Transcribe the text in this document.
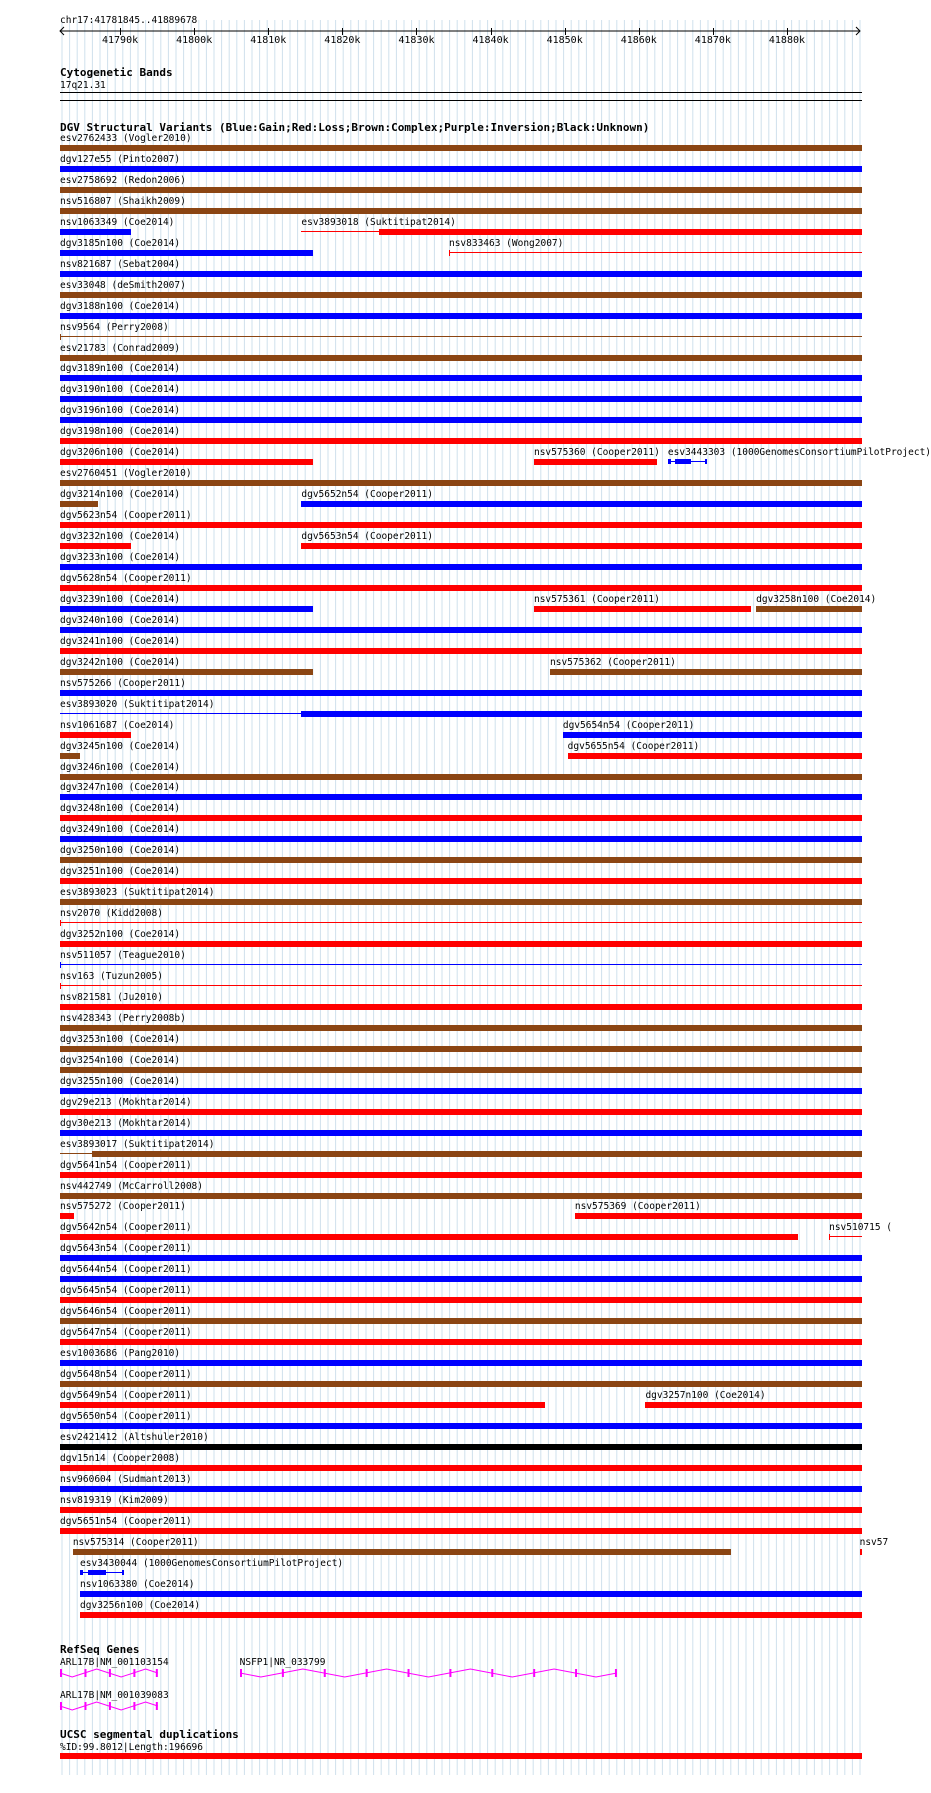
chr17:41781845..41889678
41790k	41800k	41810k	41820k	41830k	41840k	41850k	41860k	41870k	41880k
Cytogenetic Bands
17q21.31
DGV Structural Variants (Blue:Gain;Red:Loss;Brown:Complex;Purple:Inversion;Black:Unknown)
esv2762433 (Vogler2010)
dgv127e55 (Pinto2007)
esv2758692 (Redon2006)
nsv516807 (Shaikh2009)
nsv1063349 (Coe2014)	esv3893018 (Suktitipat2014)
dgv3185n100 (Coe2014)	nsv833463 (Wong2007)
nsv821687 (Sebat2004)
esv33048 (deSmith2007)
dgv3188n100 (Coe2014)
nsv9564 (Perry2008)
esv21783 (Conrad2009)
dgv3189n100 (Coe2014)
dgv3190n100 (Coe2014)
dgv3196n100 (Coe2014)
dgv3198n100 (Coe2014)
dgv3206n100 (Coe2014)	nsv575360 (Cooper2011) esv3443303 (1000GenomesConsortiumPilotProject)
esv2760451 (Vogler2010)
dgv3214n100 (Coe2014)	dgv5652n54 (Cooper2011)
dgv5623n54 (Cooper2011)
dgv3232n100 (Coe2014)	dgv5653n54 (Cooper2011)
dgv3233n100 (Coe2014)
dgv5628n54 (Cooper2011)
dgv3239n100 (Coe2014)	nsv575361 (Cooper2011)	dgv3258n100 (Coe2014)
dgv3240n100 (Coe2014)
dgv3241n100 (Coe2014)
dgv3242n100 (Coe2014)	nsv575362 (Cooper2011)
nsv575266 (Cooper2011)
esv3893020 (Suktitipat2014)
nsv1061687 (Coe2014)	dgv5654n54 (Cooper2011)
dgv3245n100 (Coe2014)	dgv5655n54 (Cooper2011)
dgv3246n100 (Coe2014)
dgv3247n100 (Coe2014)
dgv3248n100 (Coe2014)
dgv3249n100 (Coe2014)
dgv3250n100 (Coe2014)
dgv3251n100 (Coe2014)
esv3893023 (Suktitipat2014)
nsv2070 (Kidd2008)
dgv3252n100 (Coe2014)
nsv511057 (Teague2010)
nsv163 (Tuzun2005)
nsv821581 (Ju2010)
nsv428343 (Perry2008b)
dgv3253n100 (Coe2014)
dgv3254n100 (Coe2014)
dgv3255n100 (Coe2014)
dgv29e213 (Mokhtar2014)
dgv30e213 (Mokhtar2014)
esv3893017 (Suktitipat2014)
dgv5641n54 (Cooper2011)
nsv442749 (McCarroll2008)
nsv575272 (Cooper2011)	nsv575369 (Cooper2011)
dgv5642n54 (Cooper2011)	nsv510715 (
dgv5643n54 (Cooper2011)
dgv5644n54 (Cooper2011)
dgv5645n54 (Cooper2011)
dgv5646n54 (Cooper2011)
dgv5647n54 (Cooper2011)
esv1003686 (Pang2010)
dgv5648n54 (Cooper2011)
dgv5649n54 (Cooper2011)	dgv3257n100 (Coe2014)
dgv5650n54 (Cooper2011)
esv2421412 (Altshuler2010)
dgv15n14 (Cooper2008)
nsv960604 (Sudmant2013)
nsv819319 (Kim2009)
dgv5651n54 (Cooper2011)
nsv575314 (Cooper2011)	nsv57
esv3430044 (1000GenomesConsortiumPilotProject)
nsv1063380 (Coe2014)
dgv3256n100 (Coe2014)
RefSeq Genes
ARL17B|NM_001103154	NSFP1|NR_033799
ARL17B|NM_001039083
UCSC segmental duplications
%ID:99.8012|Length:196696
